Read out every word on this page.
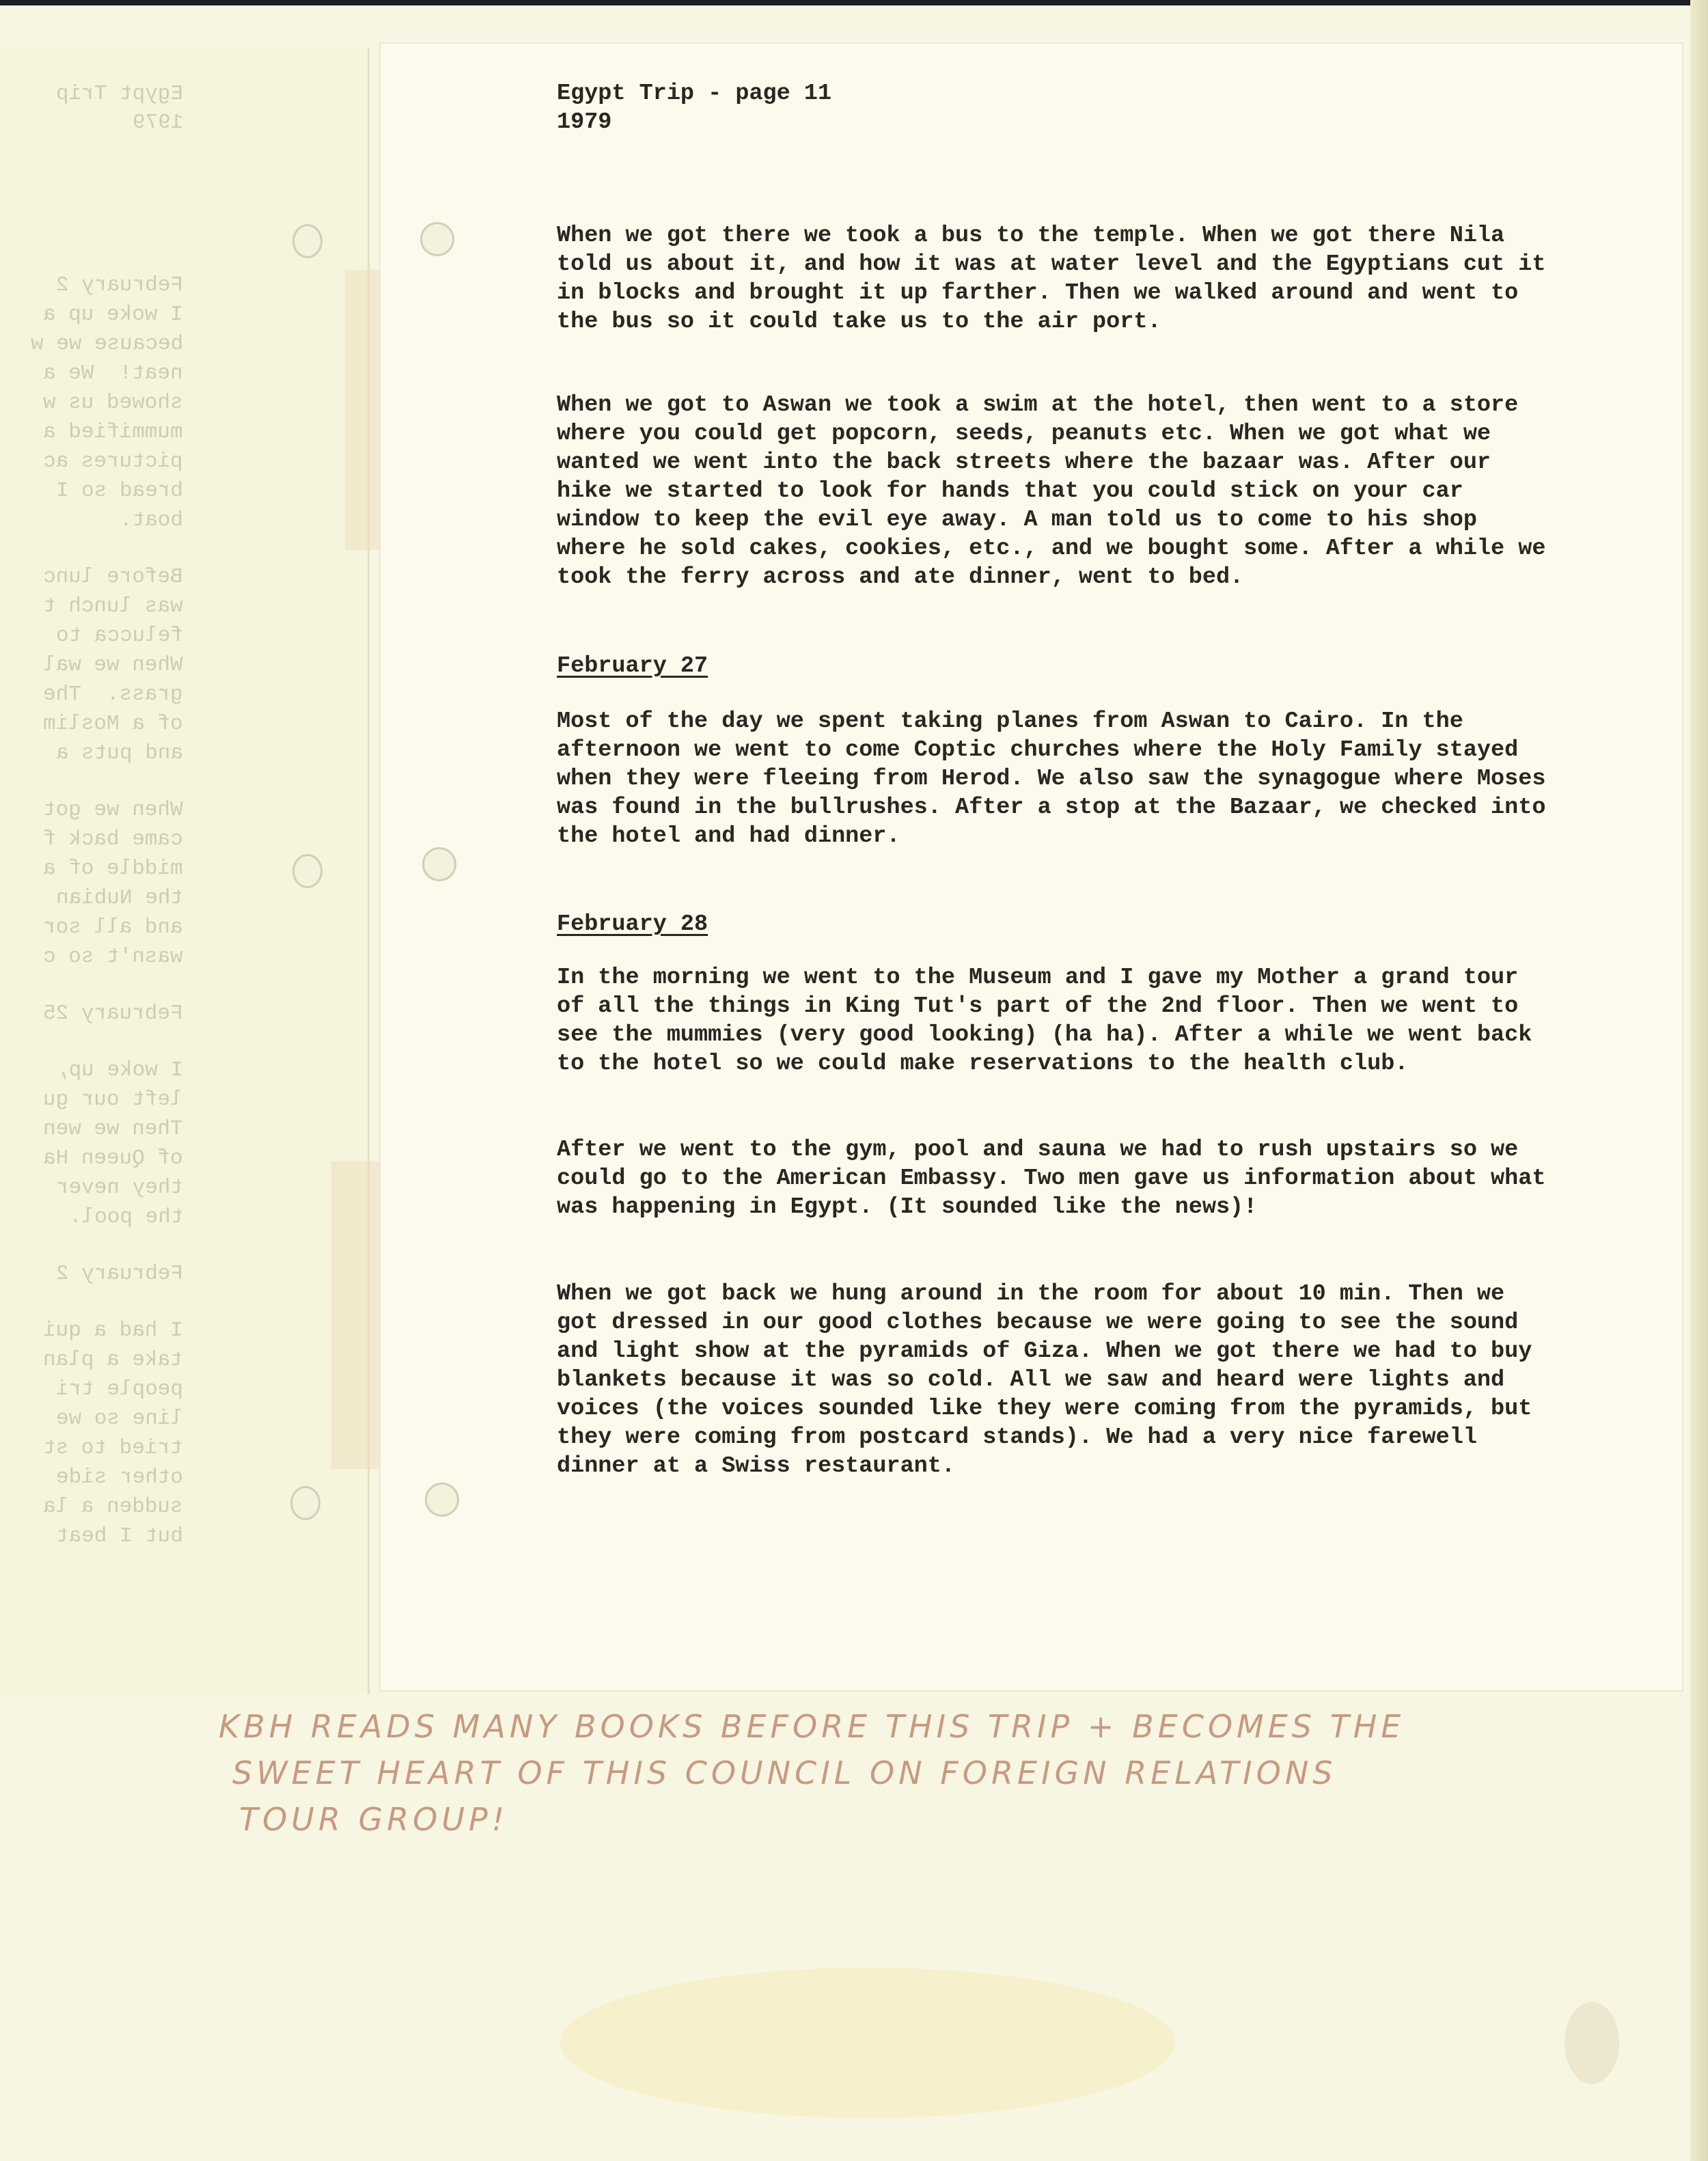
Egypt Trip
1979
February 2
I woke up a
because we w
neat!  We a
showed us w
mummified a
pictures ac
bread so I
boat.
Before lunc
was lunch t
felucca to
When we wal
grass.  The
of a Moslim
and puts a
When we got
came back f
middle of a
the Nubian
and all sor
wasn't so c
February 25
I woke up,
left our gu
Then we wen
of Queen Ha
they never
the pool.
February 2
I had a qui
take a plan
people tri
line so we
tried to st
other side
sudden a la
but I beat
Egypt Trip - page 11
1979

When we got there we took a bus to the temple. When we got there Nila told us about it, and how it was at water level and the Egyptians cut it in blocks and brought it up farther. Then we walked around and went to the bus so it could take us to the air port.

When we got to Aswan we took a swim at the hotel, then went to a store where you could get popcorn, seeds, peanuts etc. When we got what we wanted we went into the back streets where the bazaar was. After our hike we started to look for hands that you could stick on your car window to keep the evil eye away. A man told us to come to his shop where he sold cakes, cookies, etc., and we bought some. After a while we took the ferry across and ate dinner, went to bed.

February 27

Most of the day we spent taking planes from Aswan to Cairo. In the afternoon we went to come Coptic churches where the Holy Family stayed when they were fleeing from Herod. We also saw the synagogue where Moses was found in the bullrushes. After a stop at the Bazaar, we checked into the hotel and had dinner.

February 28

In the morning we went to the Museum and I gave my Mother a grand tour of all the things in King Tut's part of the 2nd floor. Then we went to see the mummies (very good looking) (ha ha). After a while we went back to the hotel so we could make reservations to the health club.

After we went to the gym, pool and sauna we had to rush upstairs so we could go to the American Embassy. Two men gave us information about what was happening in Egypt. (It sounded like the news)!

When we got back we hung around in the room for about 10 min. Then we got dressed in our good clothes because we were going to see the sound and light show at the pyramids of Giza. When we got there we had to buy blankets because it was so cold. All we saw and heard were lights and voices (the voices sounded like they were coming from the pyramids, but they were coming from postcard stands). We had a very nice farewell dinner at a Swiss restaurant.

KBH READS MANY BOOKS BEFORE THIS TRIP + BECOMES THE
SWEET HEART OF THIS COUNCIL ON FOREIGN RELATIONS
TOUR GROUP!
